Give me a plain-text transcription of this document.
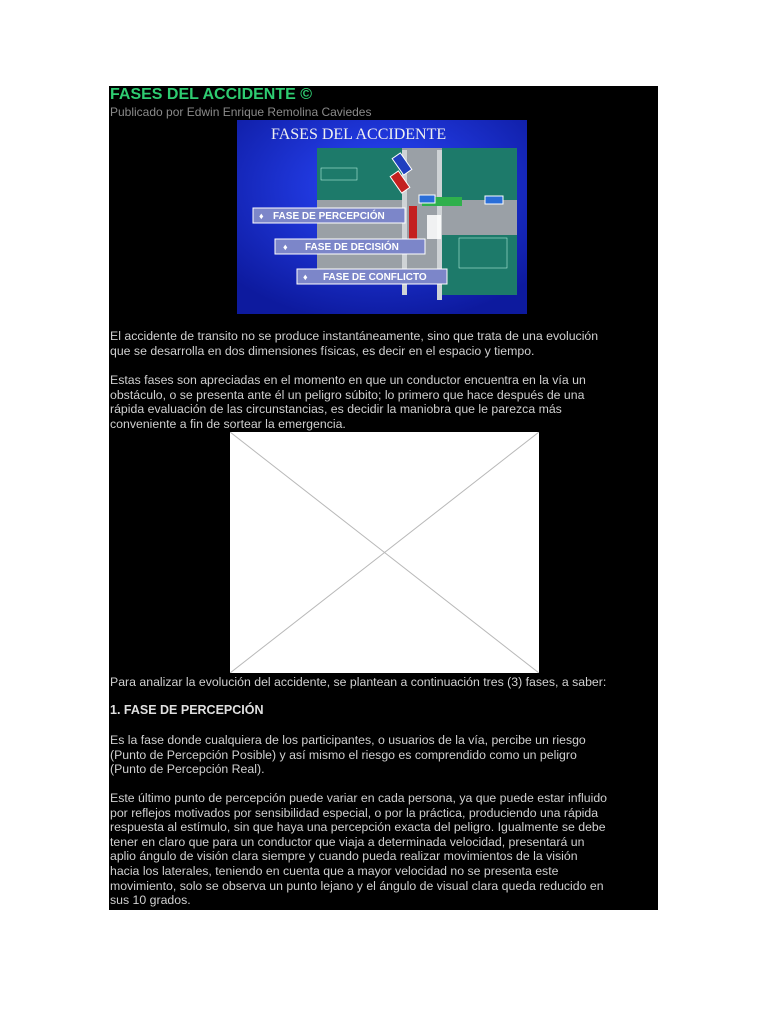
FASES DEL ACCIDENTE ©
Publicado por Edwin Enrique Remolina Caviedes
FASES DEL ACCIDENTE
♦ FASE DE PERCEPCIÓN
♦ FASE DE DECISIÓN
♦ FASE DE CONFLICTO
El accidente de transito no se produce instantáneamente, sino que trata de una evolución
que se desarrolla en dos dimensiones físicas, es decir en el espacio y tiempo.
Estas fases son apreciadas en el momento en que un conductor encuentra en la vía un
obstáculo, o se presenta ante él un peligro súbito; lo primero que hace después de una
rápida evaluación de las circunstancias, es decidir la maniobra que le parezca más
conveniente a fin de sortear la emergencia.
Para analizar la evolución del accidente, se plantean a continuación tres (3) fases, a saber:
1. FASE DE PERCEPCIÓN
Es la fase donde cualquiera de los participantes, o usuarios de la vía, percibe un riesgo
(Punto de Percepción Posible) y así mismo el riesgo es comprendido como un peligro
(Punto de Percepción Real).
Este último punto de percepción puede variar en cada persona, ya que puede estar influido
por reflejos motivados por sensibilidad especial, o por la práctica, produciendo una rápida
respuesta al estímulo, sin que haya una percepción exacta del peligro. Igualmente se debe
tener en claro que para un conductor que viaja a determinada velocidad, presentará un
aplio ángulo de visión clara siempre y cuando pueda realizar movimientos de la visión
hacia los laterales, teniendo en cuenta que a mayor velocidad no se presenta este
movimiento, solo se observa un punto lejano y el ángulo de visual clara queda reducido en
sus 10 grados.
